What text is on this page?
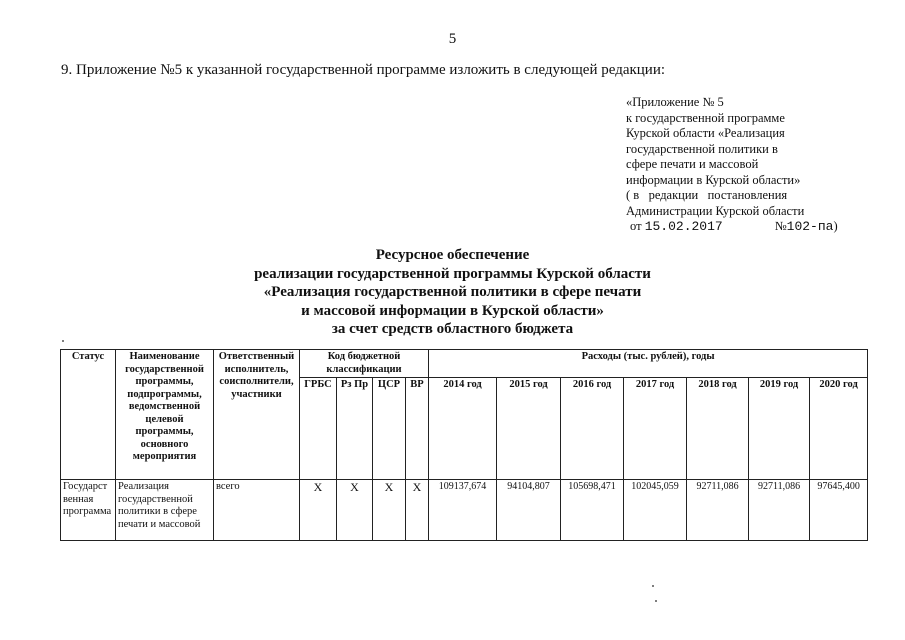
5
9. Приложение №5 к указанной государственной программе изложить в следующей редакции:
«Приложение № 5
к государственной программе
Курской области «Реализация
государственной политики в
сфере печати и массовой
информации в Курской области»
( в   редакции   постановления
Администрации Курской области
от 15.02.2017	№102-па)
Ресурсное обеспечение
реализации государственной программы Курской области
«Реализация государственной политики в сфере печати
и массовой информации в Курской области»
за счет средств областного бюджета
Статус	Наименование государственной программы, подпрограммы, ведомственной целевой программы, основного мероприятия	Ответственный исполнитель, соисполнители, участники	Код бюджетной классификации				Расходы (тыс. рублей), годы						
			ГРБС	Рз Пр	ЦСР	ВР	2014 год	2015 год	2016 год	2017 год	2018 год	2019 год	2020 год
Государст венная программа	Реализация государственной политики в сфере печати и массовой	всего	Х	Х	Х	Х	109137,674	94104,807	105698,471	102045,059	92711,086	92711,086	97645,400
